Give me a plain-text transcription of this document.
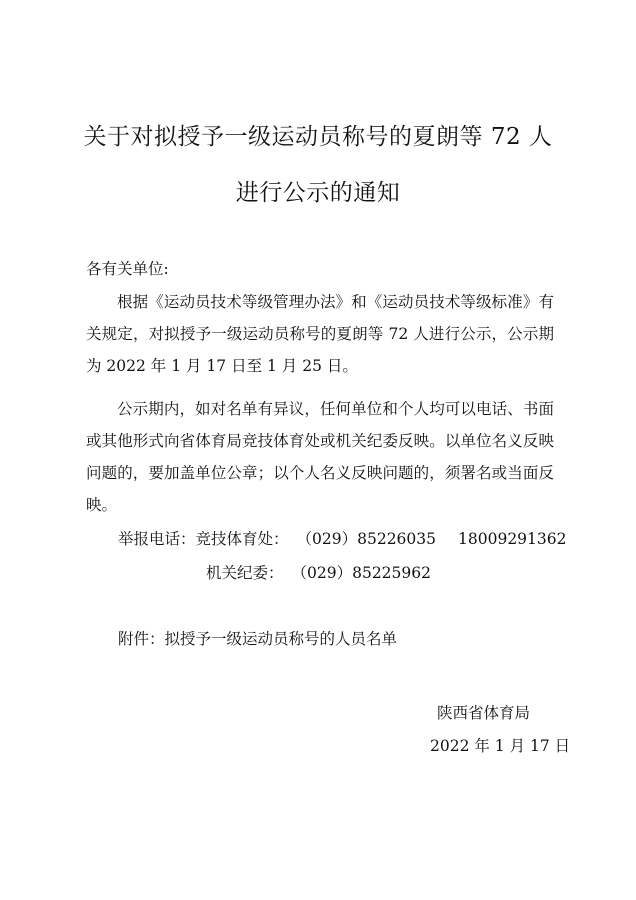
关于对拟授予一级运动员称号的夏朗等 72 人
进行公示的通知
各有关单位:

根据《运动员技术等级管理办法》和《运动员技术等级标准》有关规定，对拟授予一级运动员称号的夏朗等 72 人进行公示，公示期为 2022 年 1 月 17 日至 1 月 25 日。

公示期内，如对名单有异议，任何单位和个人均可以电话、书面或其他形式向省体育局竞技体育处或机关纪委反映。以单位名义反映问题的，要加盖单位公章；以个人名义反映问题的，须署名或当面反映。

举报电话：竞技体育处： （029）85226035 18009291362
机关纪委： （029）85225962
附件：拟授予一级运动员称号的人员名单
陕西省体育局
2022 年 1 月 17 日
